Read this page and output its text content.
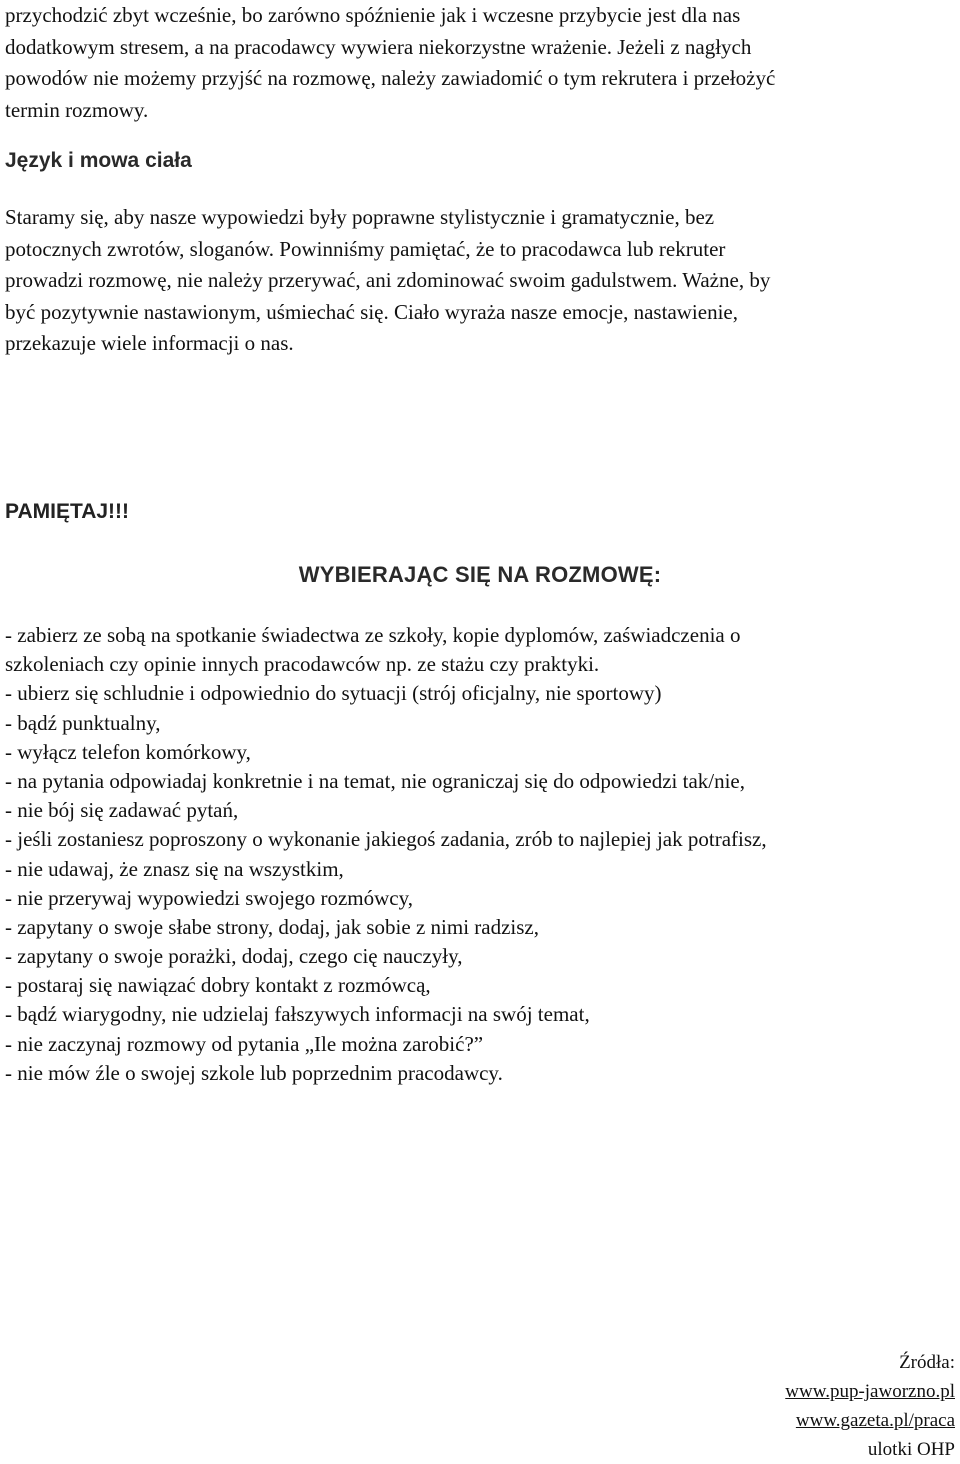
przychodzić zbyt wcześnie, bo zarówno spóźnienie jak i wczesne przybycie jest dla nas
dodatkowym stresem, a na pracodawcy wywiera niekorzystne wrażenie. Jeżeli z nagłych
powodów nie możemy przyjść na rozmowę, należy zawiadomić o tym rekrutera i przełożyć
termin rozmowy.
Język i mowa ciała
Staramy się, aby nasze wypowiedzi były poprawne stylistycznie i gramatycznie, bez
potocznych zwrotów, sloganów. Powinniśmy pamiętać, że to pracodawca lub rekruter
prowadzi rozmowę, nie należy przerywać, ani zdominować swoim gadulstwem. Ważne, by
być pozytywnie nastawionym, uśmiechać się. Ciało wyraża nasze emocje, nastawienie,
przekazuje wiele informacji o nas.
PAMIĘTAJ!!!
WYBIERAJĄC SIĘ NA ROZMOWĘ:
- zabierz ze sobą na spotkanie świadectwa ze szkoły, kopie dyplomów, zaświadczenia o
szkoleniach czy opinie innych pracodawców np. ze stażu czy praktyki.
- ubierz się schludnie i odpowiednio do sytuacji (strój oficjalny, nie sportowy)
- bądź punktualny,
- wyłącz telefon komórkowy,
- na pytania odpowiadaj konkretnie i na temat, nie ograniczaj się do odpowiedzi tak/nie,
- nie bój się zadawać pytań,
- jeśli zostaniesz poproszony o wykonanie jakiegoś zadania, zrób to najlepiej jak potrafisz,
- nie udawaj, że znasz się na wszystkim,
- nie przerywaj wypowiedzi swojego rozmówcy,
- zapytany o swoje słabe strony, dodaj, jak sobie z nimi radzisz,
- zapytany o swoje porażki, dodaj, czego cię nauczyły,
- postaraj się nawiązać dobry kontakt z rozmówcą,
- bądź wiarygodny, nie udzielaj fałszywych informacji na swój temat,
- nie zaczynaj rozmowy od pytania „Ile można zarobić?”
- nie mów źle o swojej szkole lub poprzednim pracodawcy.
Źródła:
www.pup-jaworzno.pl
www.gazeta.pl/praca
ulotki OHP
